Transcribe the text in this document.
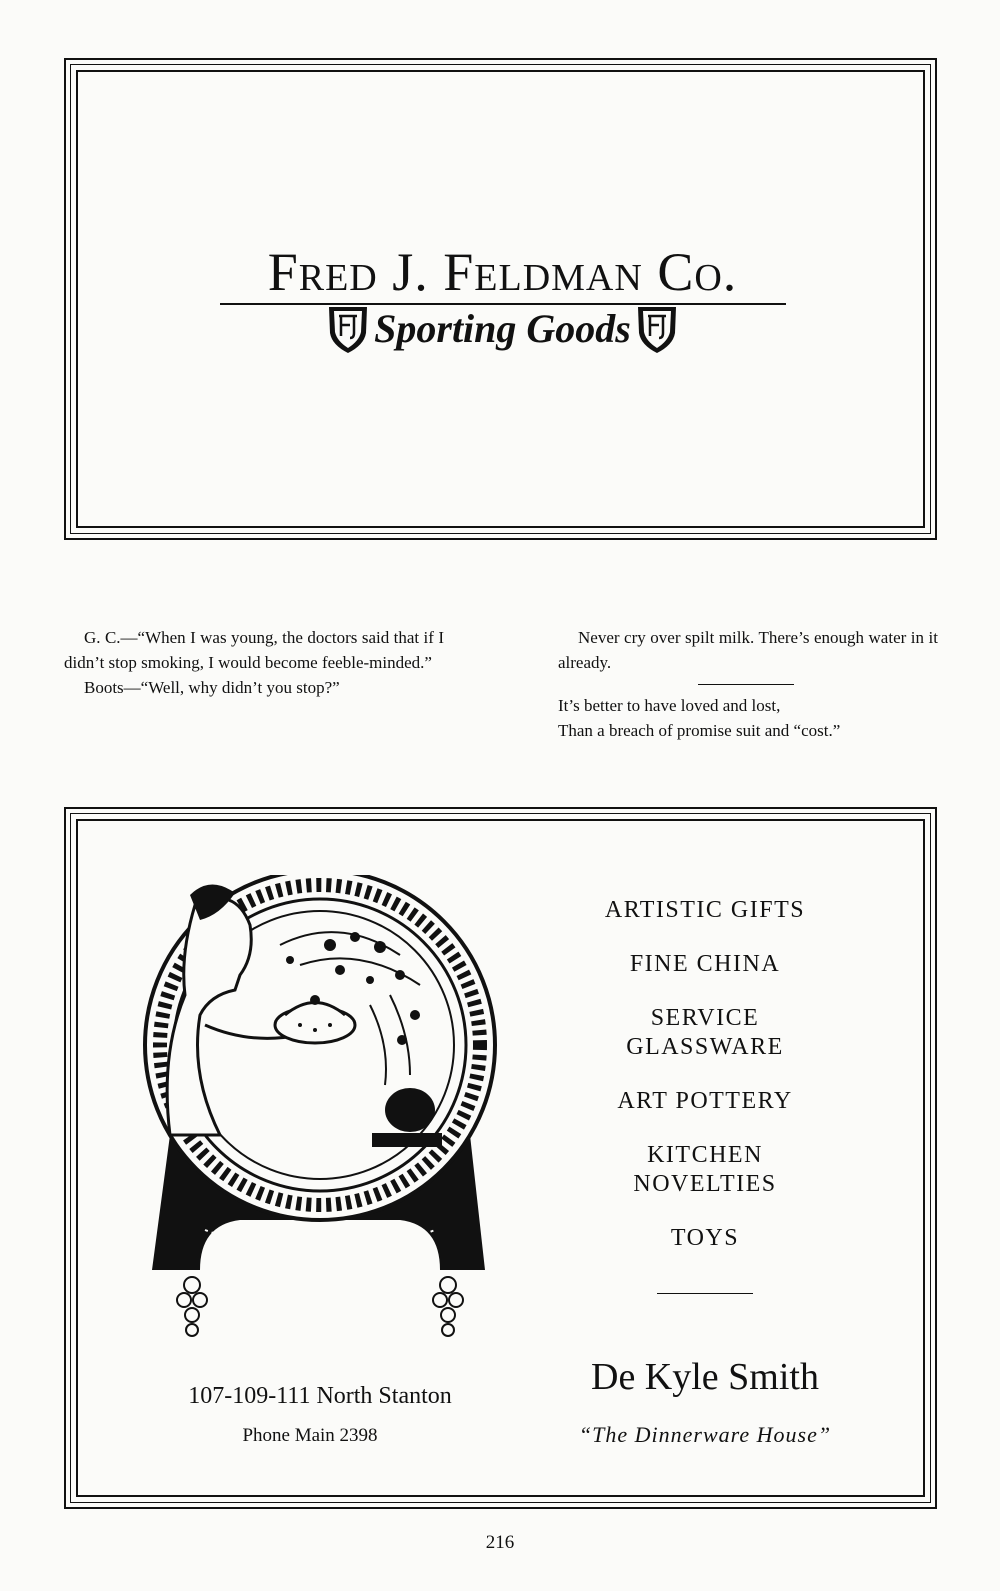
Fred J. Feldman Co.
Sporting Goods

G. C.—“When I was young, the doctors said that if I didn’t stop smoking, I would become feeble-minded.”

Boots—“Well, why didn’t you stop?”

Never cry over spilt milk. There’s enough water in it already.

It’s better to have loved and lost,

Than a breach of promise suit and “cost.”

ARTISTIC GIFTS
FINE CHINA
SERVICE GLASSWARE
ART POTTERY
KITCHEN NOVELTIES
TOYS
107-109-111 North Stanton
Phone Main 2398
De Kyle Smith
“The Dinnerware House”
216
